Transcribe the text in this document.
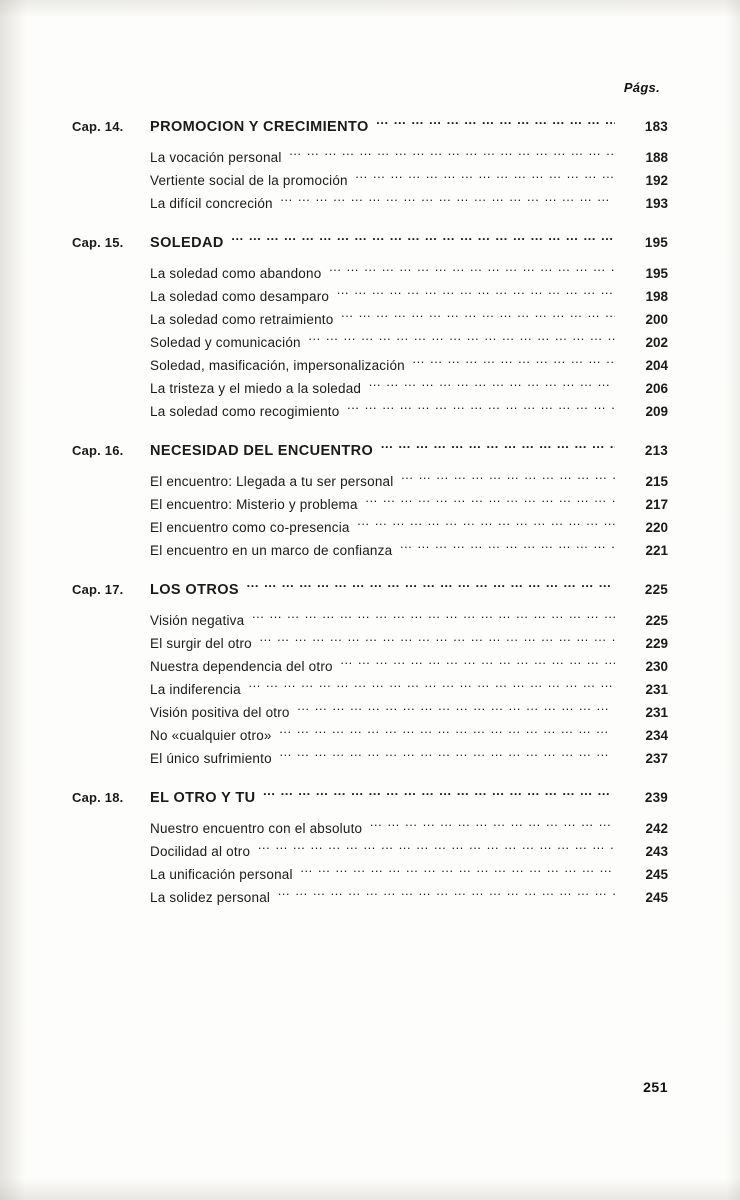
Págs.
Cap. 14.	PROMOCION Y CRECIMIENTO … … … … … … … … … … … … … … … … … … … … … … … … … … … … … … … … … … … …	183
La vocación personal … … … … … … … … … … … … … … … … … … … … … … … … … … … … … … … … … … … …	188
Vertiente social de la promoción … … … … … … … … … … … … … … … … … … … … … … … … … … … … … … … … … … … …	192
La difícil concreción … … … … … … … … … … … … … … … … … … … … … … … … … … … … … … … … … … … …	193
Cap. 15.	SOLEDAD … … … … … … … … … … … … … … … … … … … … … … … … … … … … … … … … … … … …	195
La soledad como abandono … … … … … … … … … … … … … … … … … … … … … … … … … … … … … … … … … … … …	195
La soledad como desamparo … … … … … … … … … … … … … … … … … … … … … … … … … … … … … … … … … … … …	198
La soledad como retraimiento … … … … … … … … … … … … … … … … … … … … … … … … … … … … … … … … … … … …	200
Soledad y comunicación … … … … … … … … … … … … … … … … … … … … … … … … … … … … … … … … … … … …	202
Soledad, masificación, impersonalización … … … … … … … … … … … … … … … … … … … … … … … … … … … … … … … … … … … …	204
La tristeza y el miedo a la soledad … … … … … … … … … … … … … … … … … … … … … … … … … … … … … … … … … … … …	206
La soledad como recogimiento … … … … … … … … … … … … … … … … … … … … … … … … … … … … … … … … … … … …	209
Cap. 16.	NECESIDAD DEL ENCUENTRO … … … … … … … … … … … … … … … … … … … … … … … … … … … … … … … … … … … …	213
El encuentro: Llegada a tu ser personal … … … … … … … … … … … … … … … … … … … … … … … … … … … … … … … … … … … …	215
El encuentro: Misterio y problema … … … … … … … … … … … … … … … … … … … … … … … … … … … … … … … … … … … …	217
El encuentro como co-presencia … … … … … … … … … … … … … … … … … … … … … … … … … … … … … … … … … … … …	220
El encuentro en un marco de confianza … … … … … … … … … … … … … … … … … … … … … … … … … … … … … … … … … … … …	221
Cap. 17.	LOS OTROS … … … … … … … … … … … … … … … … … … … … … … … … … … … … … … … … … … … …	225
Visión negativa … … … … … … … … … … … … … … … … … … … … … … … … … … … … … … … … … … … …	225
El surgir del otro … … … … … … … … … … … … … … … … … … … … … … … … … … … … … … … … … … … …	229
Nuestra dependencia del otro … … … … … … … … … … … … … … … … … … … … … … … … … … … … … … … … … … … …	230
La indiferencia … … … … … … … … … … … … … … … … … … … … … … … … … … … … … … … … … … … …	231
Visión positiva del otro … … … … … … … … … … … … … … … … … … … … … … … … … … … … … … … … … … … …	231
No «cualquier otro» … … … … … … … … … … … … … … … … … … … … … … … … … … … … … … … … … … … …	234
El único sufrimiento … … … … … … … … … … … … … … … … … … … … … … … … … … … … … … … … … … … …	237
Cap. 18.	EL OTRO Y TU … … … … … … … … … … … … … … … … … … … … … … … … … … … … … … … … … … … …	239
Nuestro encuentro con el absoluto … … … … … … … … … … … … … … … … … … … … … … … … … … … … … … … … … … … …	242
Docilidad al otro … … … … … … … … … … … … … … … … … … … … … … … … … … … … … … … … … … … …	243
La unificación personal … … … … … … … … … … … … … … … … … … … … … … … … … … … … … … … … … … … …	245
La solidez personal … … … … … … … … … … … … … … … … … … … … … … … … … … … … … … … … … … … …	245
251
